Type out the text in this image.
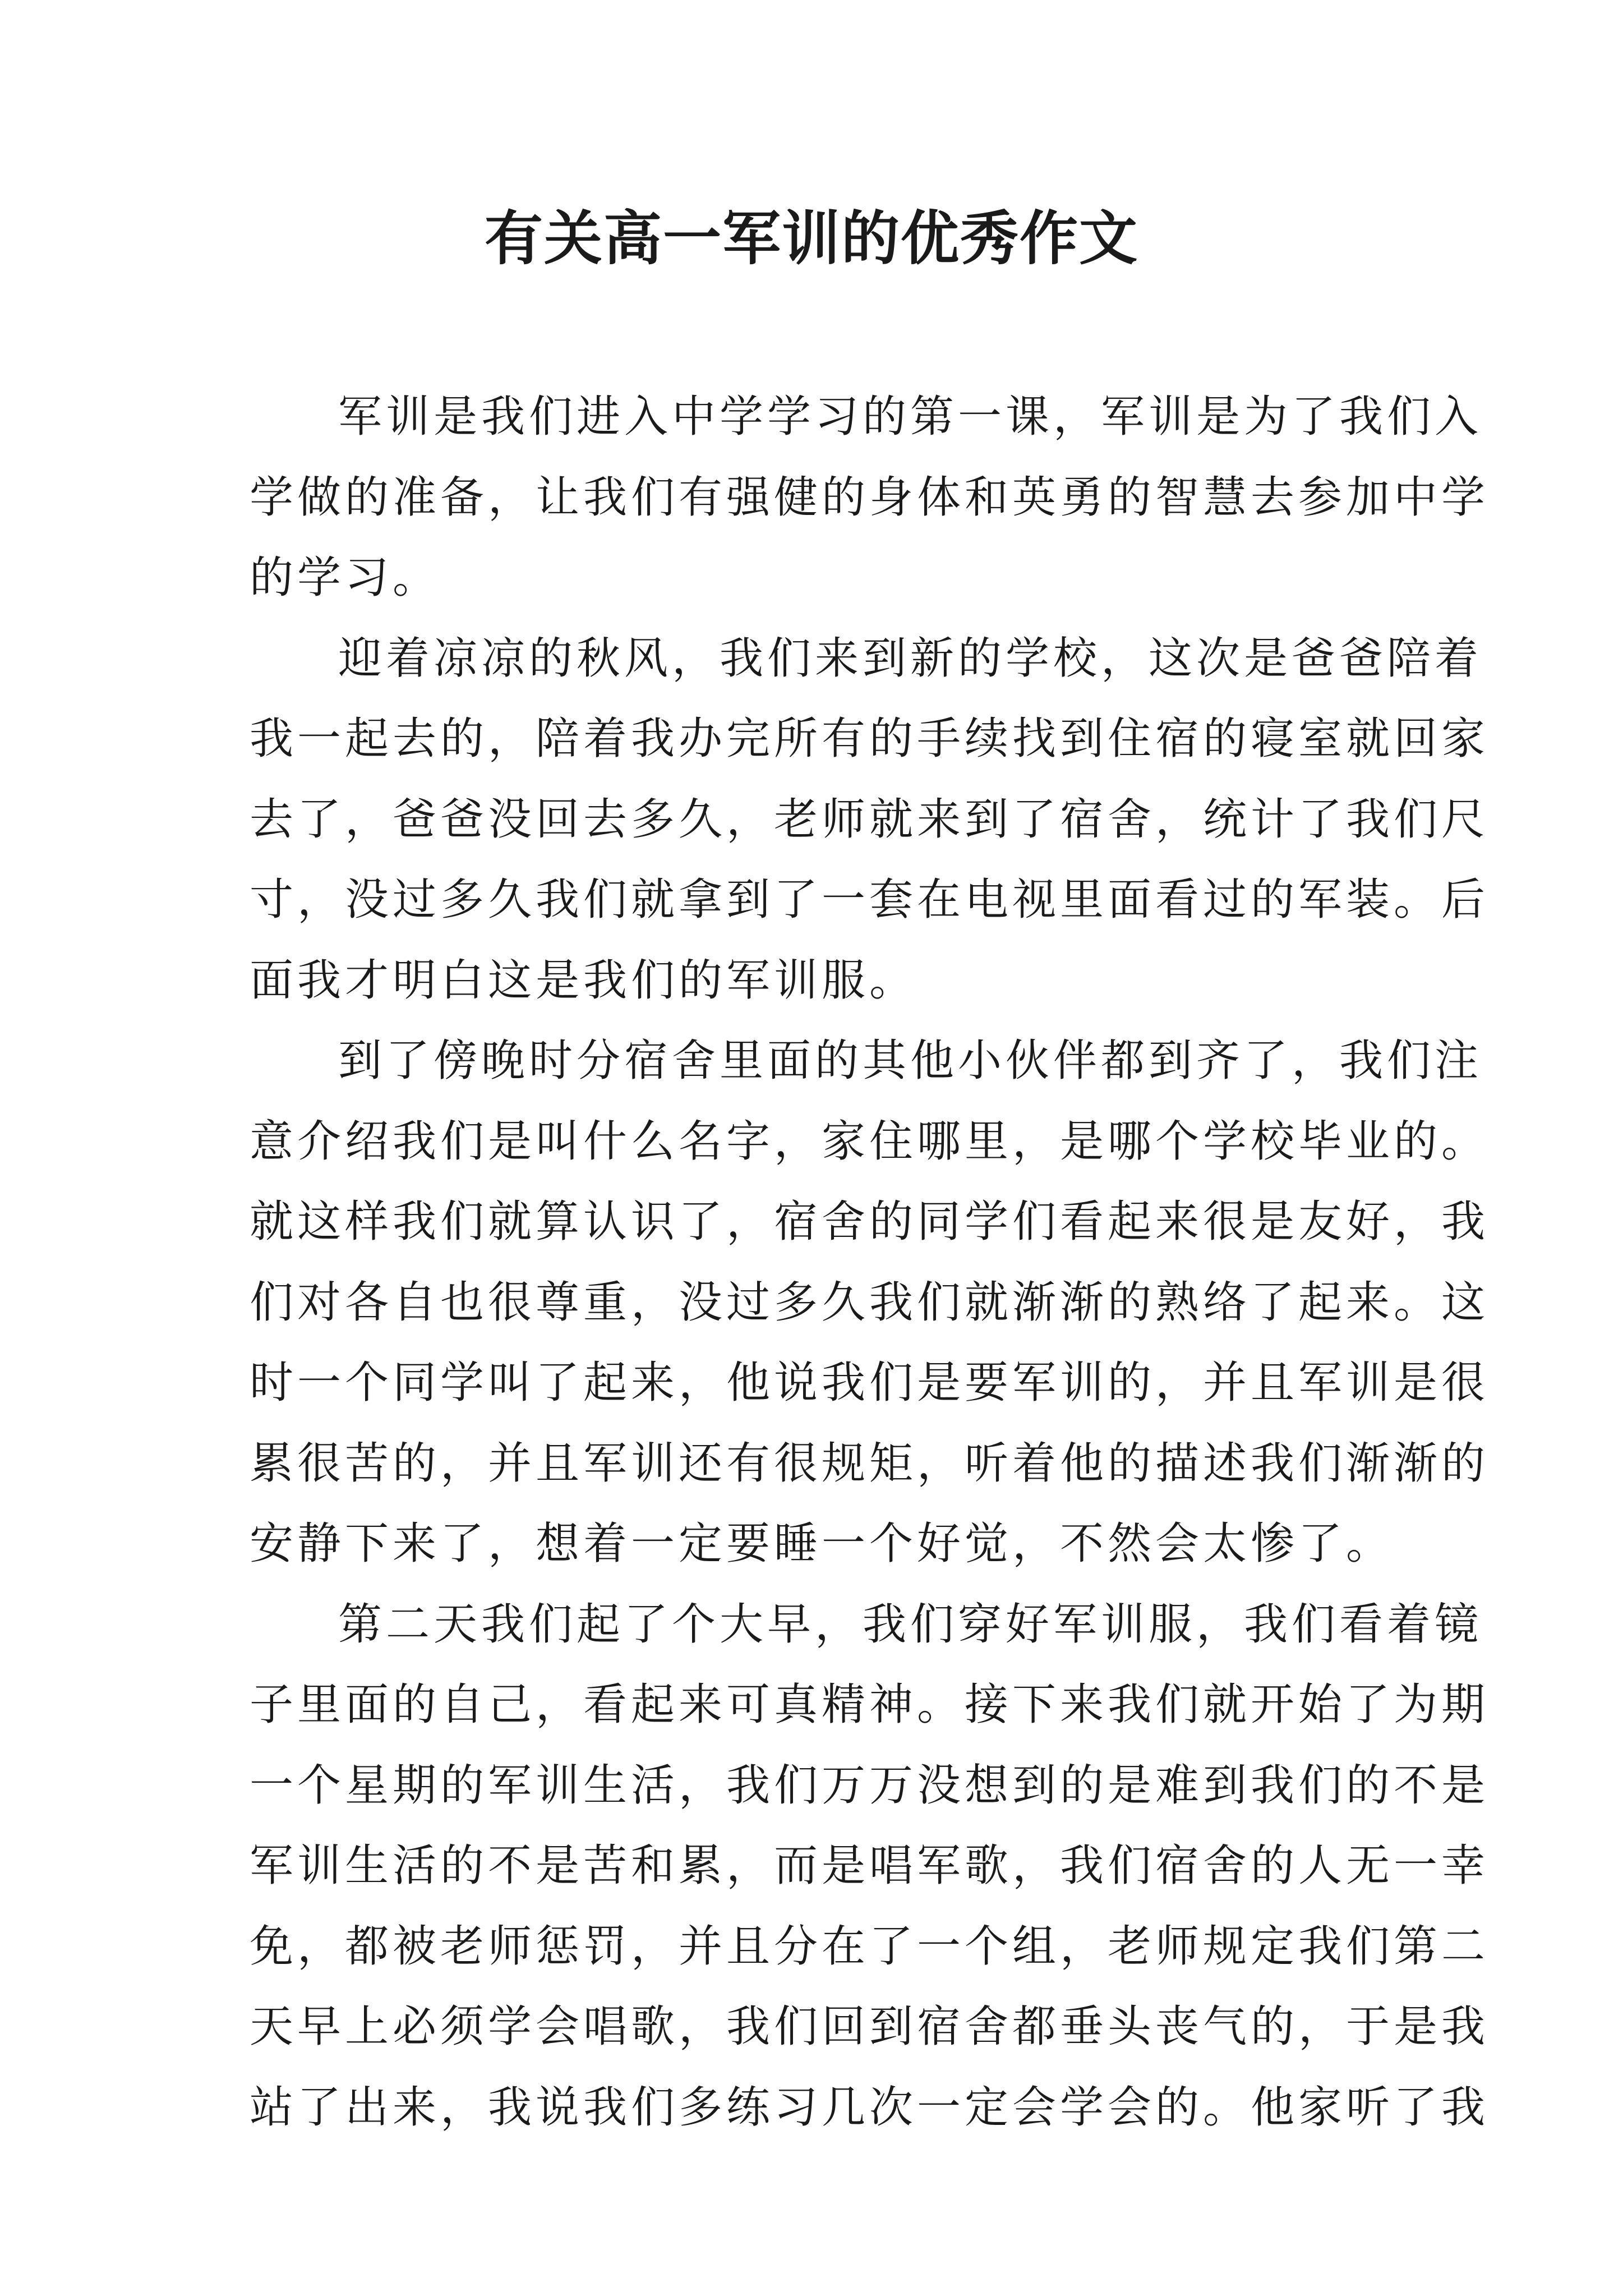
有关高一军训的优秀作文
军训是我们进入中学学习的第一课，军训是为了我们入
学做的准备，让我们有强健的身体和英勇的智慧去参加中学
的学习。
迎着凉凉的秋风，我们来到新的学校，这次是爸爸陪着
我一起去的，陪着我办完所有的手续找到住宿的寝室就回家
去了，爸爸没回去多久，老师就来到了宿舍，统计了我们尺
寸，没过多久我们就拿到了一套在电视里面看过的军装。后
面我才明白这是我们的军训服。
到了傍晚时分宿舍里面的其他小伙伴都到齐了，我们注
意介绍我们是叫什么名字，家住哪里，是哪个学校毕业的。
就这样我们就算认识了，宿舍的同学们看起来很是友好，我
们对各自也很尊重，没过多久我们就渐渐的熟络了起来。这
时一个同学叫了起来，他说我们是要军训的，并且军训是很
累很苦的，并且军训还有很规矩，听着他的描述我们渐渐的
安静下来了，想着一定要睡一个好觉，不然会太惨了。
第二天我们起了个大早，我们穿好军训服，我们看着镜
子里面的自己，看起来可真精神。接下来我们就开始了为期
一个星期的军训生活，我们万万没想到的是难到我们的不是
军训生活的不是苦和累，而是唱军歌，我们宿舍的人无一幸
免，都被老师惩罚，并且分在了一个组，老师规定我们第二
天早上必须学会唱歌，我们回到宿舍都垂头丧气的，于是我
站了出来，我说我们多练习几次一定会学会的。他家听了我
